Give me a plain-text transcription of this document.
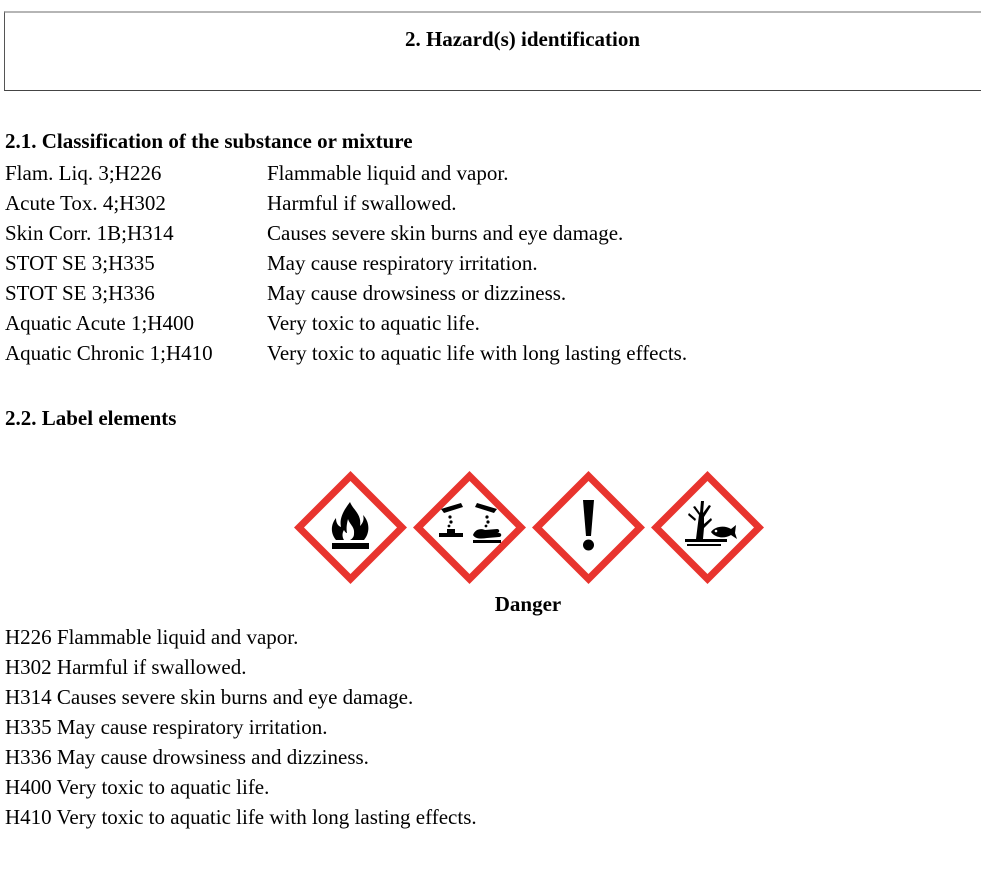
2. Hazard(s) identification
2.1. Classification of the substance or mixture
Flam. Liq. 3;H226	Flammable liquid and vapor.
Acute Tox. 4;H302	Harmful if swallowed.
Skin Corr. 1B;H314	Causes severe skin burns and eye damage.
STOT SE 3;H335	May cause respiratory irritation.
STOT SE 3;H336	May cause drowsiness or dizziness.
Aquatic Acute 1;H400	Very toxic to aquatic life.
Aquatic Chronic 1;H410	Very toxic to aquatic life with long lasting effects.
2.2. Label elements
Danger
H226 Flammable liquid and vapor.
H302 Harmful if swallowed.
H314 Causes severe skin burns and eye damage.
H335 May cause respiratory irritation.
H336 May cause drowsiness and dizziness.
H400 Very toxic to aquatic life.
H410 Very toxic to aquatic life with long lasting effects.
